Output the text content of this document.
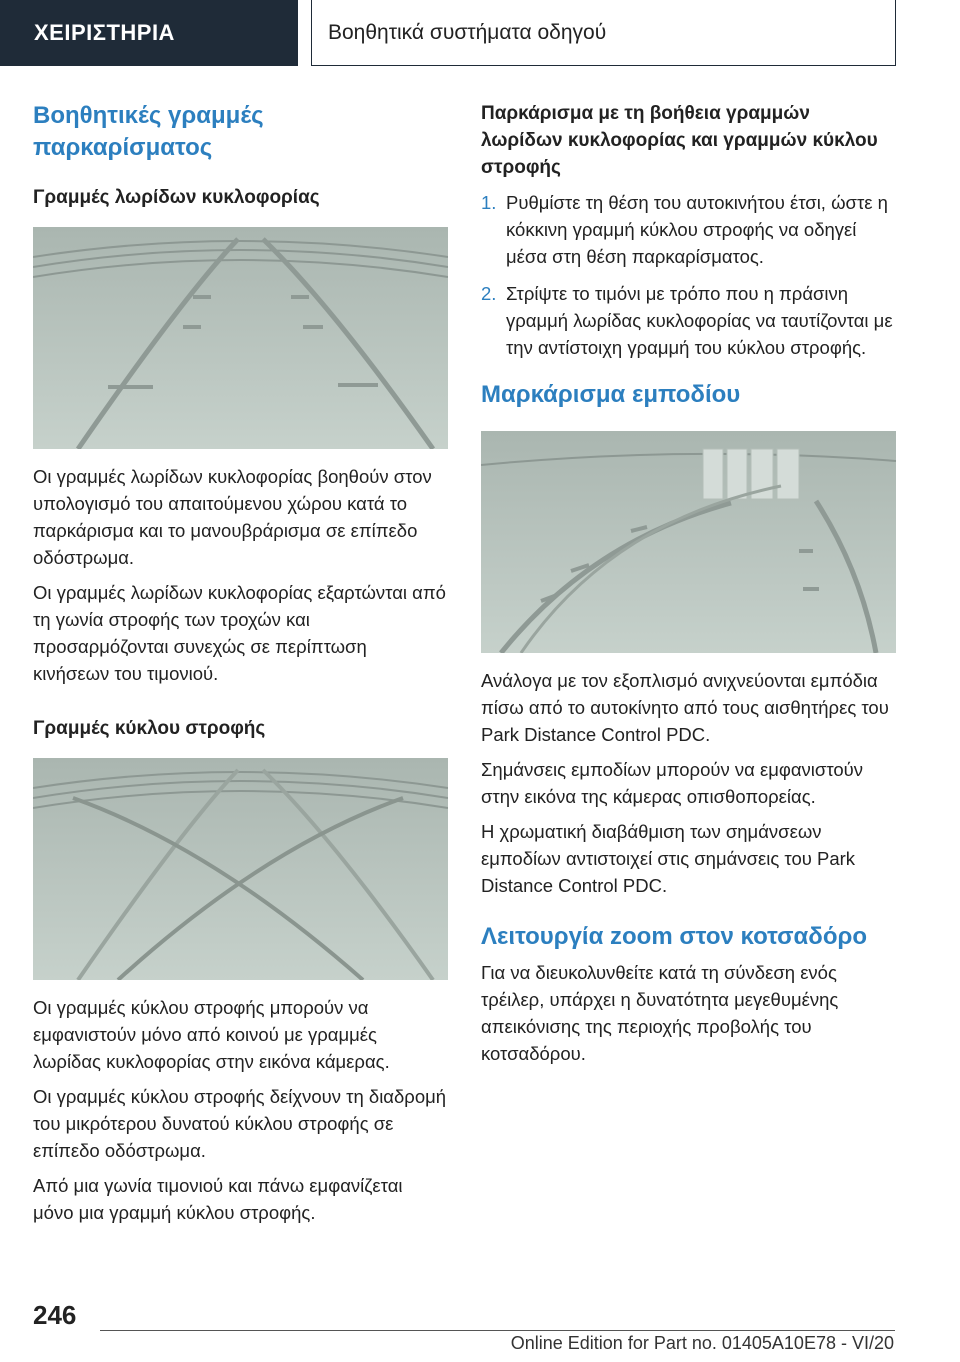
ΧΕΙΡΙΣΤΗΡΙΑ	Βοηθητικά συστήματα οδηγού
Βοηθητικές γραμμές παρκαρίσματος
Γραμμές λωρίδων κυκλοφορίας

Οι γραμμές λωρίδων κυκλοφορίας βοηθούν στον υπολογισμό του απαιτούμενου χώρου κατά το παρκάρισμα και το μανουβράρισμα σε επίπεδο οδόστρωμα.

Οι γραμμές λωρίδων κυκλοφορίας εξαρτώνται από τη γωνία στροφής των τροχών και προσαρμόζονται συνεχώς σε περίπτωση κινήσεων του τιμονιού.

Γραμμές κύκλου στροφής

Οι γραμμές κύκλου στροφής μπορούν να εμφανιστούν μόνο από κοινού με γραμμές λωρίδας κυκλοφορίας στην εικόνα κάμερας.

Οι γραμμές κύκλου στροφής δείχνουν τη διαδρομή του μικρότερου δυνατού κύκλου στροφής σε επίπεδο οδόστρωμα.

Από μια γωνία τιμονιού και πάνω εμφανίζεται μόνο μια γραμμή κύκλου στροφής.

Παρκάρισμα με τη βοήθεια γραμμών λωρίδων κυκλοφορίας και γραμμών κύκλου στροφής
1. Ρυθμίστε τη θέση του αυτοκινήτου έτσι, ώστε η κόκκινη γραμμή κύκλου στροφής να οδηγεί μέσα στη θέση παρκαρίσματος.
2. Στρίψτε το τιμόνι με τρόπο που η πράσινη γραμμή λωρίδας κυκλοφορίας να ταυτίζονται με την αντίστοιχη γραμμή του κύκλου στροφής.
Μαρκάρισμα εμποδίου

Ανάλογα με τον εξοπλισμό ανιχνεύονται εμπόδια πίσω από το αυτοκίνητο από τους αισθητήρες του Park Distance Control PDC.

Σημάνσεις εμποδίων μπορούν να εμφανιστούν στην εικόνα της κάμερας οπισθοπορείας.

Η χρωματική διαβάθμιση των σημάνσεων εμποδίων αντιστοιχεί στις σημάνσεις του Park Distance Control PDC.

Λειτουργία zoom στον κοτσαδόρο

Για να διευκολυνθείτε κατά τη σύνδεση ενός τρέιλερ, υπάρχει η δυνατότητα μεγεθυμένης απεικόνισης της περιοχής προβολής του κοτσαδόρου.

246
Online Edition for Part no. 01405A10E78 - VI/20
